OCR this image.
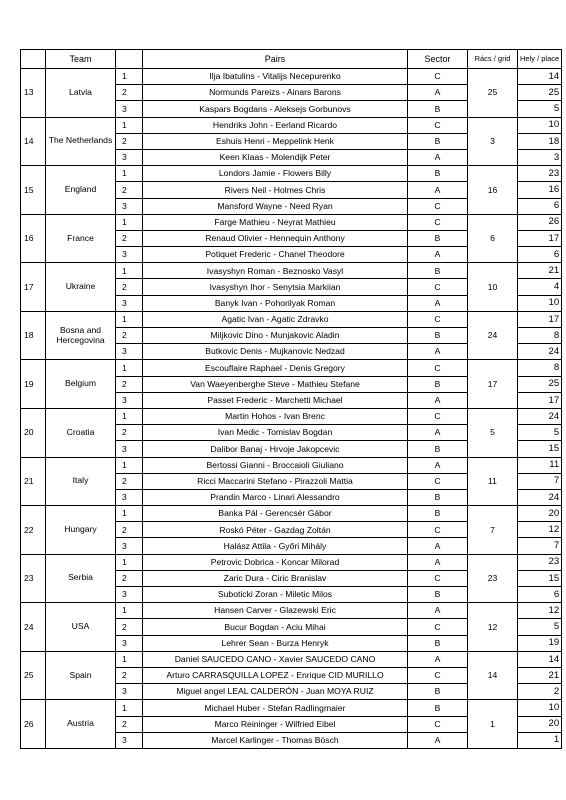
	Team		Pairs	Sector	Rács / grid	Hely / place
13	Latvia	1	Ilja Ibatulins - Vitalijs Necepurenko	C	25	14
		2	Normunds Pareizs - Ainars Barons	A		25
		3	Kaspars Bogdans - Aleksejs Gorbunovs	B		5
14	The Netherlands	1	Hendriks John - Eerland Ricardo	C	3	10
		2	Eshuis Henri - Meppelink Henk	B		18
		3	Keen Klaas - Molendijk Peter	A		3
15	England	1	Londors Jamie - Flowers Billy	B	16	23
		2	Rivers Neil - Holmes Chris	A		16
		3	Mansford Wayne - Need Ryan	C		6
16	France	1	Farge Mathieu - Neyrat Mathieu	C	6	26
		2	Renaud Olivier - Hennequin Anthony	B		17
		3	Potiquet Frederic - Chanel Theodore	A		6
17	Ukraine	1	Ivasyshyn Roman - Beznosko Vasyl	B	10	21
		2	Ivasyshyn Ihor - Senytsia Markiian	C		4
		3	Banyk Ivan - Pohorilyak Roman	A		10
18	Bosna and Hercegovina	1	Agatic Ivan - Agatic Zdravko	C	24	17
		2	Miljkovic Dino - Munjakovic Aladin	B		8
		3	Butkovic Denis - Mujkanovic Nedzad	A		24
19	Belgium	1	Escouflaire Raphael - Denis Gregory	C	17	8
		2	Van Waeyenberghe Steve - Mathieu Stefane	B		25
		3	Passet Frederic - Marchetti Michael	A		17
20	Croatia	1	Martin Hohos - Ivan Brenc	C	5	24
		2	Ivan Medic - Tomislav Bogdan	A		5
		3	Dalibor Banaj - Hrvoje Jakopcevic	B		15
21	Italy	1	Bertossi Gianni - Broccaioli Giuliano	A	11	11
		2	Ricci Maccarini Stefano - Pirazzoli Mattia	C		7
		3	Prandin Marco - Linari Alessandro	B		24
22	Hungary	1	Banka Pál - Gerencsér Gábor	B	7	20
		2	Roskó Péter - Gazdag Zoltán	C		12
		3	Halász Attila - Győri Mihály	A		7
23	Serbia	1	Petrovic Dobrica - Koncar Milorad	A	23	23
		2	Zaric Dura - Ciric Branislav	C		15
		3	Suboticki Zoran - Miletic Milos	B		6
24	USA	1	Hansen Carver - Glazewski Eric	A	12	12
		2	Bucur Bogdan - Aciu Mihai	C		5
		3	Lehrer Sean - Burza Henryk	B		19
25	Spain	1	Daniel SAUCEDO CANO - Xavier SAUCEDO CANO	A	14	14
		2	Arturo CARRASQUILLA LOPEZ - Enrique CID MURILLO	C		21
		3	Miguel angel LEAL CALDERÓN - Juan MOYA RUIZ	B		2
26	Austria	1	Michael Huber - Stefan Radlingmaier	B	1	10
		2	Marco Reininger - Wilfried Eibel	C		20
		3	Marcel Karlinger - Thomas Bösch	A		1
